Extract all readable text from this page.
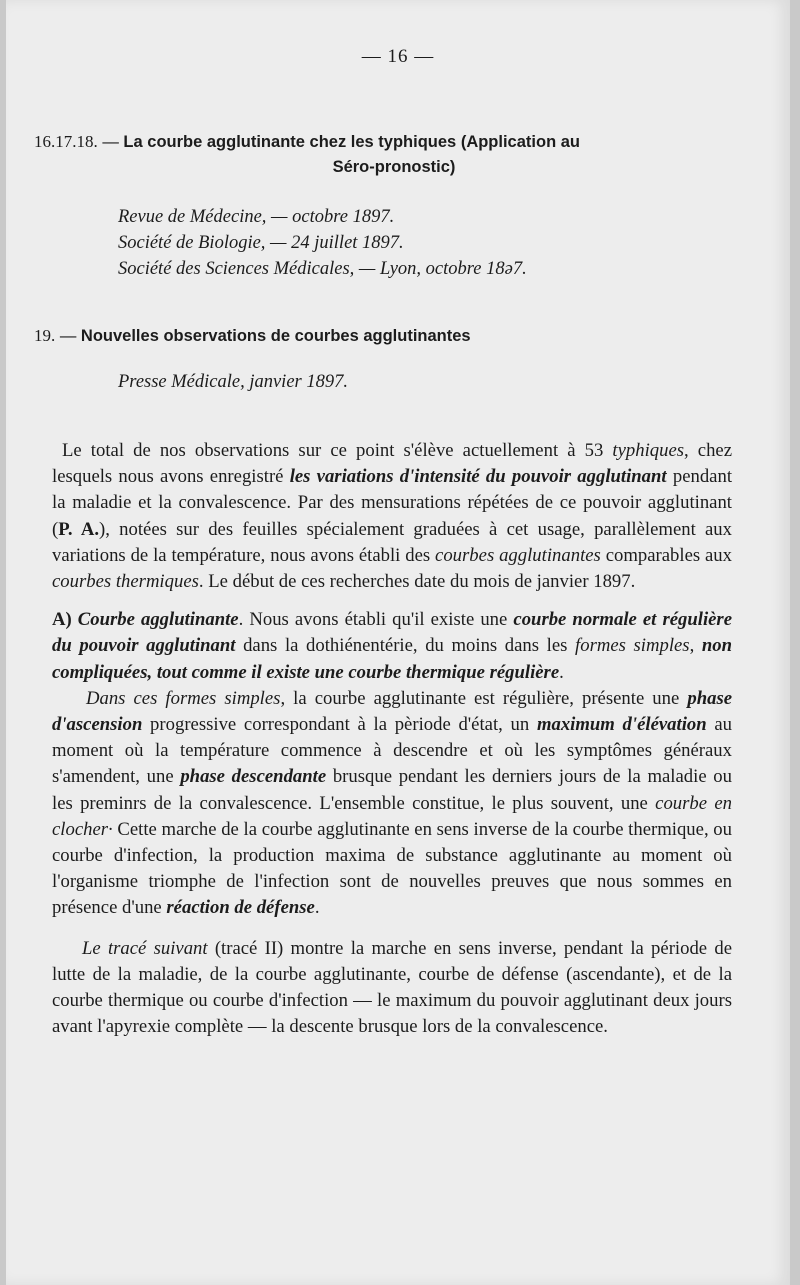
— 16 —
16.17.18. — La courbe agglutinante chez les typhiques (Application au
Séro-pronostic)
Revue de Médecine, — octobre 1897.
Société de Biologie, — 24 juillet 1897.
Société des Sciences Médicales, — Lyon, octobre 18ə7.
19. — Nouvelles observations de courbes agglutinantes
Presse Médicale, janvier 1897.

Le total de nos observations sur ce point s'élève actuellement à 53 typhiques, chez lesquels nous avons enregistré les variations d'intensité du pouvoir agglutinant pendant la maladie et la convalescence. Par des mensurations répétées de ce pouvoir agglutinant (P. A.), notées sur des feuilles spécialement graduées à cet usage, parallèlement aux variations de la température, nous avons établi des courbes agglutinantes comparables aux courbes thermiques. Le début de ces recherches date du mois de janvier 1897.

A) Courbe agglutinante. Nous avons établi qu'il existe une courbe normale et régulière du pouvoir agglutinant dans la dothiénentérie, du moins dans les formes simples, non compliquées, tout comme il existe une courbe thermique régulière.

Dans ces formes simples, la courbe agglutinante est régulière, présente une phase d'ascension progressive correspondant à la pèriode d'état, un maximum d'élévation au moment où la température commence à descendre et où les symptômes généraux s'amendent, une phase descendante brusque pendant les derniers jours de la maladie ou les preminrs de la convalescence. L'ensemble constitue, le plus souvent, une courbe en clocher· Cette marche de la courbe agglutinante en sens inverse de la courbe thermique, ou courbe d'infection, la production maxima de substance agglutinante au moment où l'organisme triomphe de l'infection sont de nouvelles preuves que nous sommes en présence d'une réaction de défense.

Le tracé suivant (tracé II) montre la marche en sens inverse, pendant la période de lutte de la maladie, de la courbe agglutinante, courbe de défense (ascendante), et de la courbe thermique ou courbe d'infection — le maximum du pouvoir agglutinant deux jours avant l'apyrexie complète — la descente brusque lors de la convalescence.
